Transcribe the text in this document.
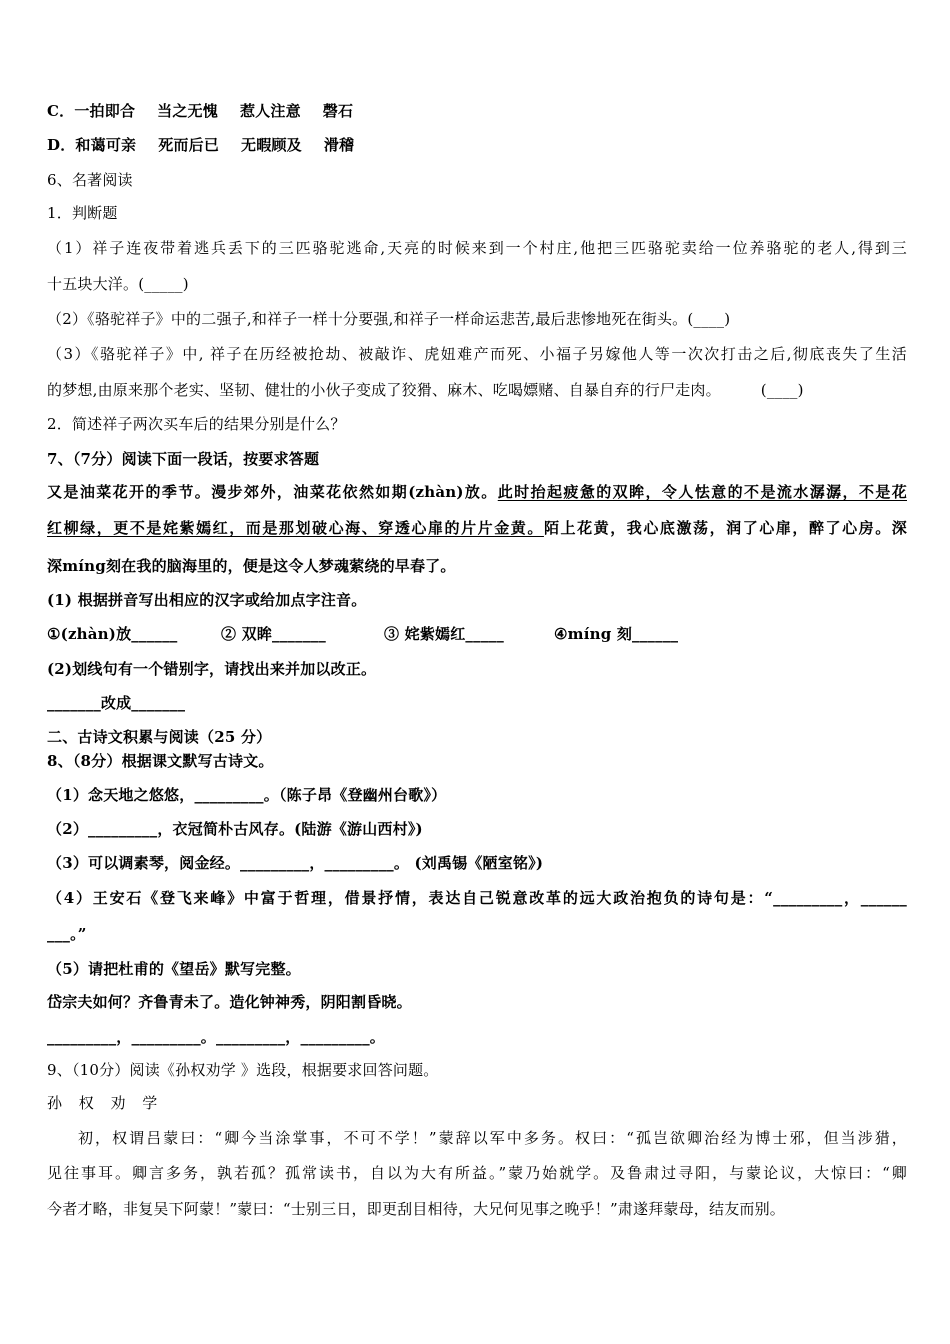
C．一拍即合 当之无愧 惹人注意 磬石
D．和蔼可亲 死而后已 无暇顾及 滑稽
6、名著阅读
1．判断题
（1）祥子连夜带着逃兵丢下的三匹骆驼逃命,天亮的时候来到一个村庄,他把三匹骆驼卖给一位养骆驼的老人,得到三
十五块大洋。(_____)
（2）《骆驼祥子》中的二强子,和祥子一样十分要强,和祥子一样命运悲苦,最后悲惨地死在街头。(____)
（3）《骆驼祥子》中, 祥子在历经被抢劫、被敲诈、虎妞难产而死、小福子另嫁他人等一次次打击之后,彻底丧失了生活
的梦想,由原来那个老实、坚韧、健壮的小伙子变成了狡猾、麻木、吃喝嫖赌、自暴自弃的行尸走肉。	(____)
2．简述祥子两次买车后的结果分别是什么？
7、（7分）阅读下面一段话，按要求答题
又是油菜花开的季节。漫步郊外，油菜花依然如期(zhàn)放。此时抬起疲惫的双眸，令人怯意的不是流水潺潺，不是花
红柳绿，更不是姹紫嫣红，而是那划破心海、穿透心扉的片片金黄。陌上花黄，我心底激荡，润了心扉，醉了心房。深
深míng刻在我的脑海里的，便是这令人梦魂萦绕的早春了。
(1) 根据拼音写出相应的汉字或给加点字注音。
①(zhàn)放______	② 双眸_______	③ 姹紫嫣红_____	④míng 刻______
(2)划线句有一个错别字，请找出来并加以改正。
_______改成_______
二、古诗文积累与阅读（25 分）
8、（8分）根据课文默写古诗文。
（1）念天地之悠悠，_________。（陈子昂《登幽州台歌》）
（2）_________，衣冠简朴古风存。(陆游《游山西村》)
（3）可以调素琴，阅金经。_________，_________。 (刘禹锡《陋室铭》)
（4）王安石《登飞来峰》中富于哲理，借景抒情，表达自己锐意改革的远大政治抱负的诗句是：“_________，______
___。”
（5）请把杜甫的《望岳》默写完整。
岱宗夫如何？齐鲁青未了。造化钟神秀，阴阳割昏晓。
_________，_________。_________，_________。
9、（10分）阅读《孙权劝学 》选段，根据要求回答问题。
孙 权 劝 学
初，权谓吕蒙曰：“卿今当涂掌事，不可不学！”蒙辞以军中多务。权曰：“孤岂欲卿治经为博士邪，但当涉猎，
见往事耳。卿言多务，孰若孤？孤常读书，自以为大有所益。”蒙乃始就学。及鲁肃过寻阳，与蒙论议，大惊曰：“卿
今者才略，非复吴下阿蒙！”蒙曰：“士别三日，即更刮目相待，大兄何见事之晚乎！”肃遂拜蒙母，结友而别。
